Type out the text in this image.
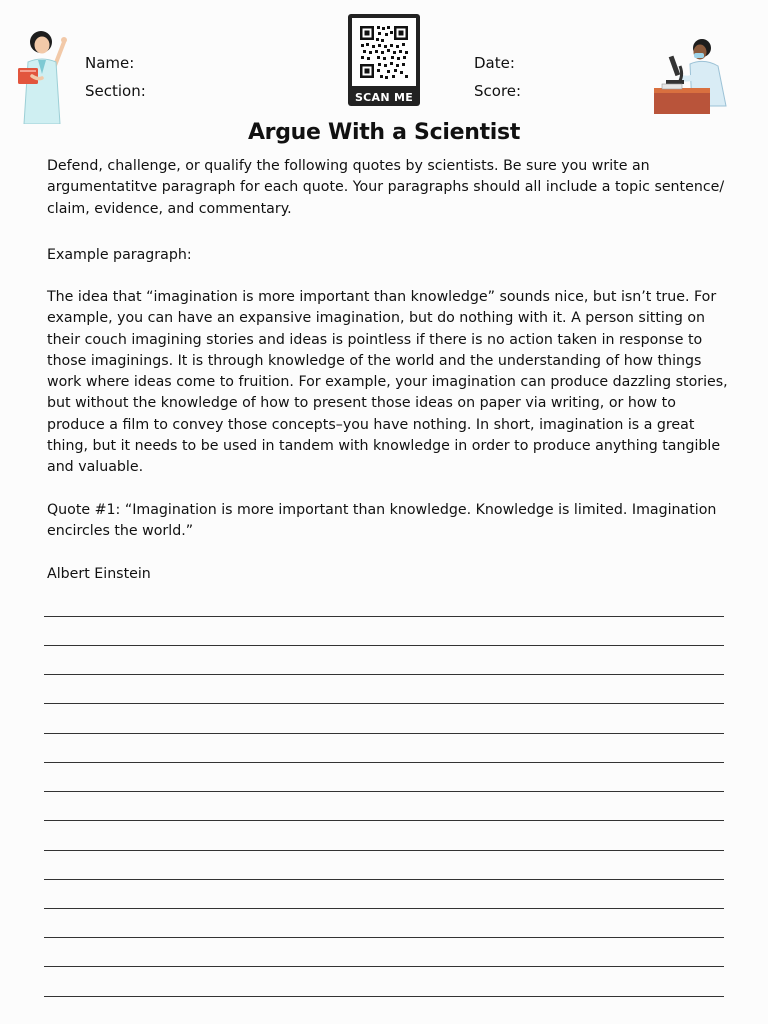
Name:
Section:	SCAN ME
Date:
Score:
Argue With a Scientist

Defend, challenge, or qualify the following quotes by scientists. Be sure you write an argumentatitve paragraph for each quote. Your paragraphs should all include a topic sentence/ claim, evidence, and commentary.

Example paragraph:

The idea that “imagination is more important than knowledge” sounds nice, but isn’t true. For example, you can have an expansive imagination, but do nothing with it. A person sitting on their couch imagining stories and ideas is pointless if there is no action taken in response to those imaginings. It is through knowledge of the world and the understanding of how things work where ideas come to fruition. For example, your imagination can produce dazzling stories, but without the knowledge of how to present those ideas on paper via writing, or how to produce a film to convey those concepts–you have nothing. In short, imagination is a great thing, but it needs to be used in tandem with knowledge in order to produce anything tangible and valuable.

Quote #1: “Imagination is more important than knowledge. Knowledge is limited. Imagination encircles the world.”

Albert Einstein
